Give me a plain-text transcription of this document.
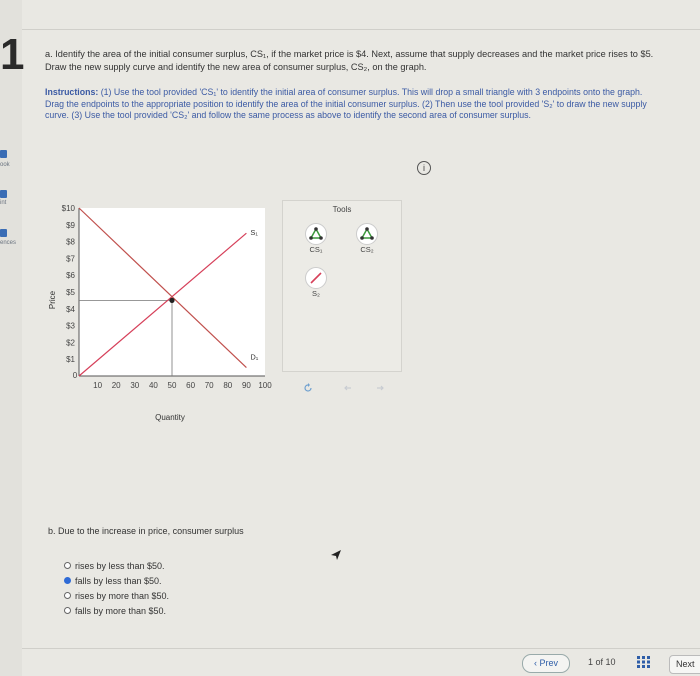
1
ook
int
ences
a. Identify the area of the initial consumer surplus, CS₁, if the market price is $4. Next, assume that supply decreases and the market price rises to $5. Draw the new supply curve and identify the new area of consumer surplus, CS₂, on the graph.
Instructions: (1) Use the tool provided 'CS₁' to identify the initial area of consumer surplus. This will drop a small triangle with 3 endpoints onto the graph. Drag the endpoints to the appropriate position to identify the area of the initial consumer surplus. (2) Then use the tool provided 'S₂' to draw the new supply curve. (3) Use the tool provided 'CS₂' and follow the same process as above to identify the second area of consumer surplus.
i
$10
$9
$8
$7
$6
$5
$4
$3
$2
$1
0
10 20 30 40 50 60 70 80 90 100
Quantity
Price
S₁
D₁
Tools
CS₁	CS₂
S₂
b. Due to the increase in price, consumer surplus
rises by less than $50.
falls by less than $50.
rises by more than $50.
falls by more than $50.
‹ Prev	1 of 10	Next
